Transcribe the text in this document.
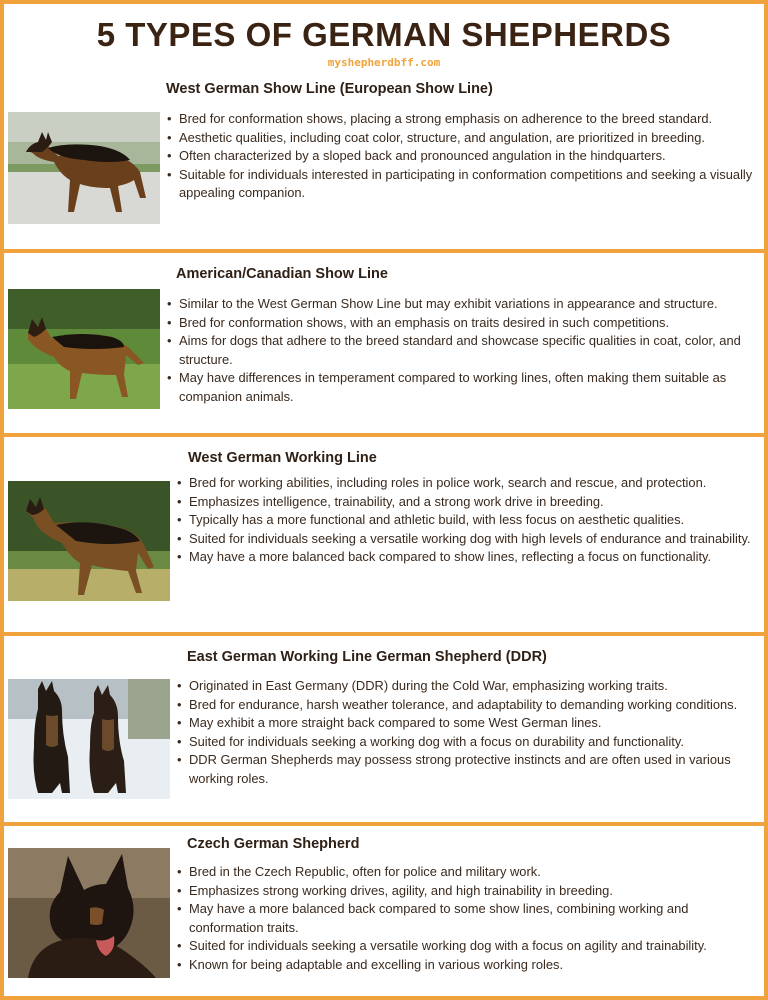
5 TYPES OF GERMAN SHEPHERDS
myshepherdbff.com
West German Show Line (European Show Line)
• Bred for conformation shows, placing a strong emphasis on adherence to the breed standard.
• Aesthetic qualities, including coat color, structure, and angulation, are prioritized in breeding.
• Often characterized by a sloped back and pronounced angulation in the hindquarters.
• Suitable for individuals interested in participating in conformation competitions and seeking a visually appealing companion.
American/Canadian Show Line
• Similar to the West German Show Line but may exhibit variations in appearance and structure.
• Bred for conformation shows, with an emphasis on traits desired in such competitions.
• Aims for dogs that adhere to the breed standard and showcase specific qualities in coat, color, and structure.
• May have differences in temperament compared to working lines, often making them suitable as companion animals.
West German Working Line
• Bred for working abilities, including roles in police work, search and rescue, and protection.
• Emphasizes intelligence, trainability, and a strong work drive in breeding.
• Typically has a more functional and athletic build, with less focus on aesthetic qualities.
• Suited for individuals seeking a versatile working dog with high levels of endurance and trainability.
• May have a more balanced back compared to show lines, reflecting a focus on functionality.
East German Working Line German Shepherd (DDR)
• Originated in East Germany (DDR) during the Cold War, emphasizing working traits.
• Bred for endurance, harsh weather tolerance, and adaptability to demanding working conditions.
• May exhibit a more straight back compared to some West German lines.
• Suited for individuals seeking a working dog with a focus on durability and functionality.
• DDR German Shepherds may possess strong protective instincts and are often used in various working roles.
Czech German Shepherd
• Bred in the Czech Republic, often for police and military work.
• Emphasizes strong working drives, agility, and high trainability in breeding.
• May have a more balanced back compared to some show lines, combining working and conformation traits.
• Suited for individuals seeking a versatile working dog with a focus on agility and trainability.
• Known for being adaptable and excelling in various working roles.
